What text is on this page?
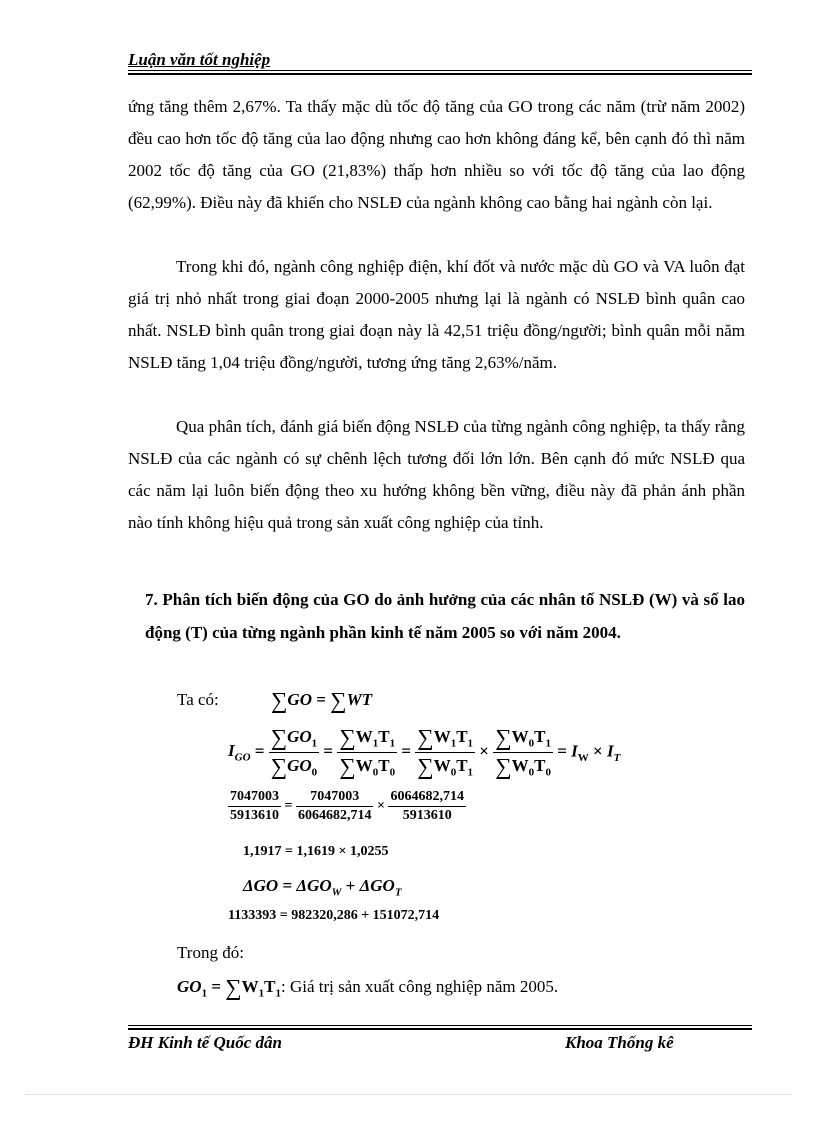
Luận văn tốt nghiệp

ứng tăng thêm 2,67%. Ta thấy mặc dù tốc độ tăng của GO trong các năm (trừ năm 2002) đều cao hơn tốc độ tăng của lao động nhưng cao hơn không đáng kể, bên cạnh đó thì năm 2002 tốc độ tăng của GO (21,83%) thấp hơn nhiều so với tốc độ tăng của lao động (62,99%). Điều này đã khiến cho NSLĐ của ngành không cao bằng hai ngành còn lại.

Trong khi đó, ngành công nghiệp điện, khí đốt và nước mặc dù GO và VA luôn đạt giá trị nhỏ nhất trong giai đoạn 2000-2005 nhưng lại là ngành có NSLĐ bình quân cao nhất. NSLĐ bình quân trong giai đoạn này là 42,51 triệu đồng/người; bình quân mỗi năm NSLĐ tăng 1,04 triệu đồng/người, tương ứng tăng 2,63%/năm.

Qua phân tích, đánh giá biến động NSLĐ của từng ngành công nghiệp, ta thấy rằng NSLĐ của các ngành có sự chênh lệch tương đối lớn lớn. Bên cạnh đó mức NSLĐ qua các năm lại luôn biến động theo xu hướng không bền vững, điều này đã phản ánh phần nào tính không hiệu quả trong sản xuất công nghiệp của tỉnh.

7. Phân tích biến động của GO do ảnh hưởng của các nhân tố NSLĐ (W) và số lao động (T) của từng ngành phần kinh tế năm 2005 so với năm 2004.

Ta có: ∑GO = ∑WT
$I_{GO} = \frac{\sum GO_1}{\sum GO_0} = \frac{\sum W_1T_1}{\sum W_0T_0} = \frac{\sum W_1T_1}{\sum W_0T_1} \times \frac{\sum W_0T_1}{\sum W_0T_0} = I_W \times I_T$
$\frac{7047003}{5913610} = \frac{7047003}{6064682,714} \times \frac{6064682,714}{5913610}$
1,1917 = 1,1619 × 1,0255
$\Delta GO = \Delta GO_W + \Delta GO_T$
1133393 = 982320,286 + 151072,714
Trong đó:
$GO_1 = \sum W_1T_1$: Giá trị sản xuất công nghiệp năm 2005.
ĐH Kinh tế Quốc dân	Khoa Thống kê
